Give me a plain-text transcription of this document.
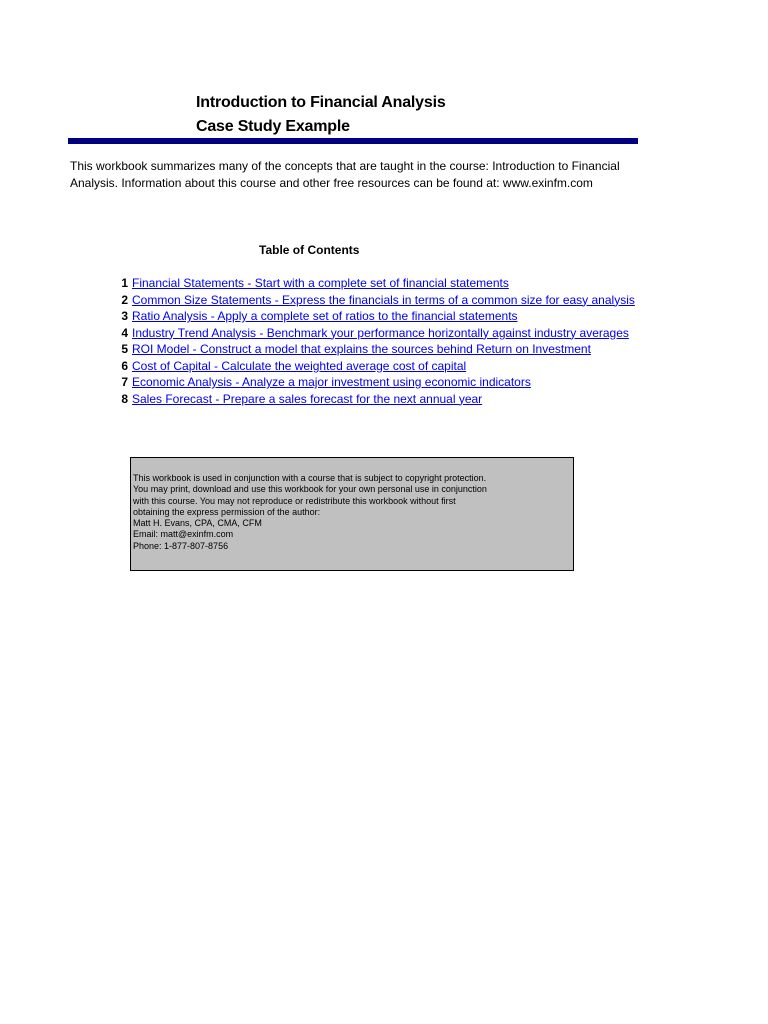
Introduction to Financial Analysis
Case Study Example
This workbook summarizes many of the concepts that are taught in the course: Introduction to Financial
Analysis. Information about this course and other free resources can be found at: www.exinfm.com
Table of Contents
1 Financial Statements - Start with a complete set of financial statements
2 Common Size Statements - Express the financials in terms of a common size for easy analysis
3 Ratio Analysis - Apply a complete set of ratios to the financial statements
4 Industry Trend Analysis - Benchmark your performance horizontally against industry averages
5 ROI Model - Construct a model that explains the sources behind Return on Investment
6 Cost of Capital - Calculate the weighted average cost of capital
7 Economic Analysis - Analyze a major investment using economic indicators
8 Sales Forecast - Prepare a sales forecast for the next annual year
This workbook is used in conjunction with a course that is subject to copyright protection.
You may print, download and use this workbook for your own personal use in conjunction
with this course. You may not reproduce or redistribute this workbook without first
obtaining the express permission of the author:
Matt H. Evans, CPA, CMA, CFM
Email: matt@exinfm.com
Phone: 1-877-807-8756
